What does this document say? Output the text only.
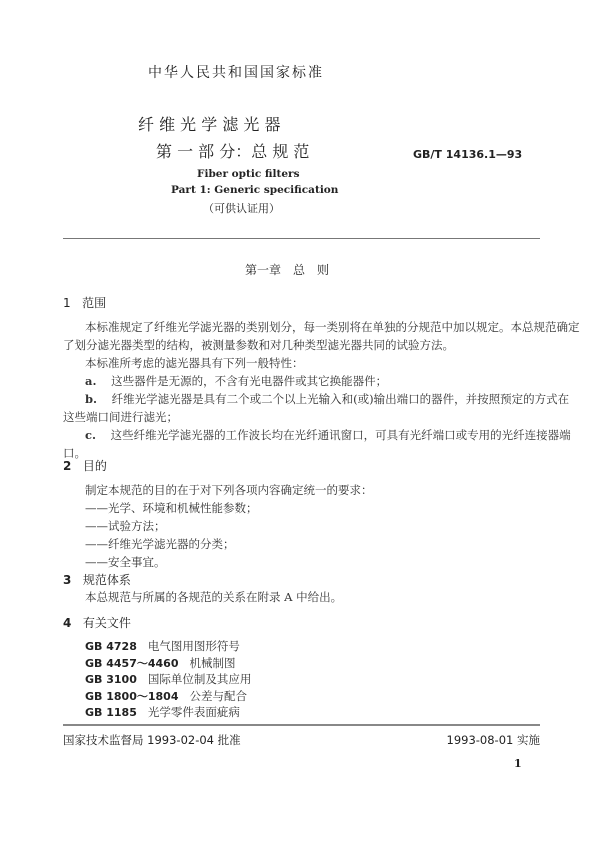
中华人民共和国国家标准
纤 维 光 学 滤 光 器
第 一 部 分：总 规 范	GB/T 14136.1—93
Fiber optic filters
Part 1: Generic specification
（可供认证用）
第一章　总　则
1 范围
本标准规定了纤维光学滤光器的类别划分，每一类别将在单独的分规范中加以规定。本总规范确定
了划分滤光器类型的结构，被测量参数和对几种类型滤光器共同的试验方法。
本标准所考虑的滤光器具有下列一般特性：
a. 这些器件是无源的，不含有光电器件或其它换能器件；
b. 纤维光学滤光器是具有二个或二个以上光输入和(或)输出端口的器件，并按照预定的方式在
这些端口间进行滤光；
c. 这些纤维光学滤光器的工作波长均在光纤通讯窗口，可具有光纤端口或专用的光纤连接器端
口。
2 目的
制定本规范的目的在于对下列各项内容确定统一的要求：
——光学、环境和机械性能参数；
——试验方法；
——纤维光学滤光器的分类；
——安全事宜。
3 规范体系
本总规范与所属的各规范的关系在附录 A 中给出。
4 有关文件
GB 4728 电气图用图形符号
GB 4457～4460 机械制图
GB 3100 国际单位制及其应用
GB 1800～1804 公差与配合
GB 1185 光学零件表面疵病
国家技术监督局 1993-02-04 批准	1993-08-01 实施
1
